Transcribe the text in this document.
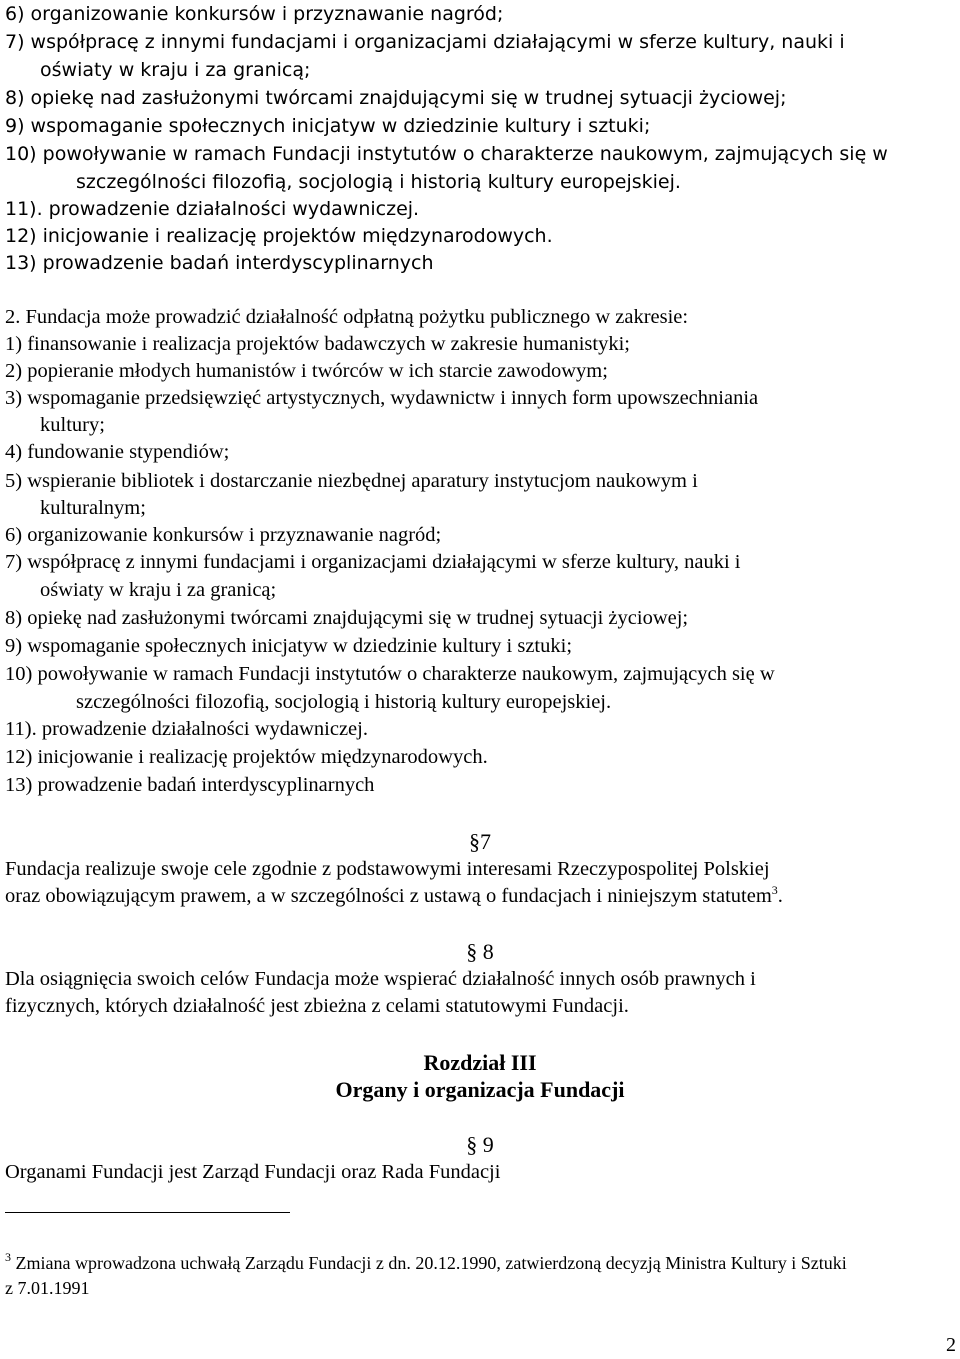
6) organizowanie konkursów i przyznawanie nagród;
7) współpracę z innymi fundacjami i organizacjami działającymi w sferze kultury, nauki i
oświaty w kraju i za granicą;
8) opiekę nad zasłużonymi twórcami znajdującymi się w trudnej sytuacji życiowej;
9) wspomaganie społecznych inicjatyw w dziedzinie kultury i sztuki;
10) powoływanie w ramach Fundacji instytutów o charakterze naukowym, zajmujących się w
szczególności filozofią, socjologią i historią kultury europejskiej.
11). prowadzenie działalności wydawniczej.
12) inicjowanie i realizację projektów międzynarodowych.
13) prowadzenie badań interdyscyplinarnych
2. Fundacja może prowadzić działalność odpłatną pożytku publicznego w zakresie:
1) finansowanie i realizacja projektów badawczych w zakresie humanistyki;
2) popieranie młodych humanistów i twórców w ich starcie zawodowym;
3) wspomaganie przedsięwzięć artystycznych, wydawnictw i innych form upowszechniania
kultury;
4) fundowanie stypendiów;
5) wspieranie bibliotek i dostarczanie niezbędnej aparatury instytucjom naukowym i
kulturalnym;
6) organizowanie konkursów i przyznawanie nagród;
7) współpracę z innymi fundacjami i organizacjami działającymi w sferze kultury, nauki i
oświaty w kraju i za granicą;
8) opiekę nad zasłużonymi twórcami znajdującymi się w trudnej sytuacji życiowej;
9) wspomaganie społecznych inicjatyw w dziedzinie kultury i sztuki;
10) powoływanie w ramach Fundacji instytutów o charakterze naukowym, zajmujących się w
szczególności filozofią, socjologią i historią kultury europejskiej.
11). prowadzenie działalności wydawniczej.
12) inicjowanie i realizację projektów międzynarodowych.
13) prowadzenie badań interdyscyplinarnych
§7
Fundacja realizuje swoje cele zgodnie z podstawowymi interesami Rzeczypospolitej Polskiej
oraz obowiązującym prawem, a w szczególności z ustawą o fundacjach i niniejszym statutem$^3$.
§ 8
Dla osiągnięcia swoich celów Fundacja może wspierać działalność innych osób prawnych i
fizycznych, których działalność jest zbieżna z celami statutowymi Fundacji.
Rozdział III
Organy i organizacja Fundacji
§ 9
Organami Fundacji jest Zarząd Fundacji oraz Rada Fundacji
$^3$ Zmiana wprowadzona uchwałą Zarządu Fundacji z dn. 20.12.1990, zatwierdzoną decyzją Ministra Kultury i Sztuki
z 7.01.1991
2
